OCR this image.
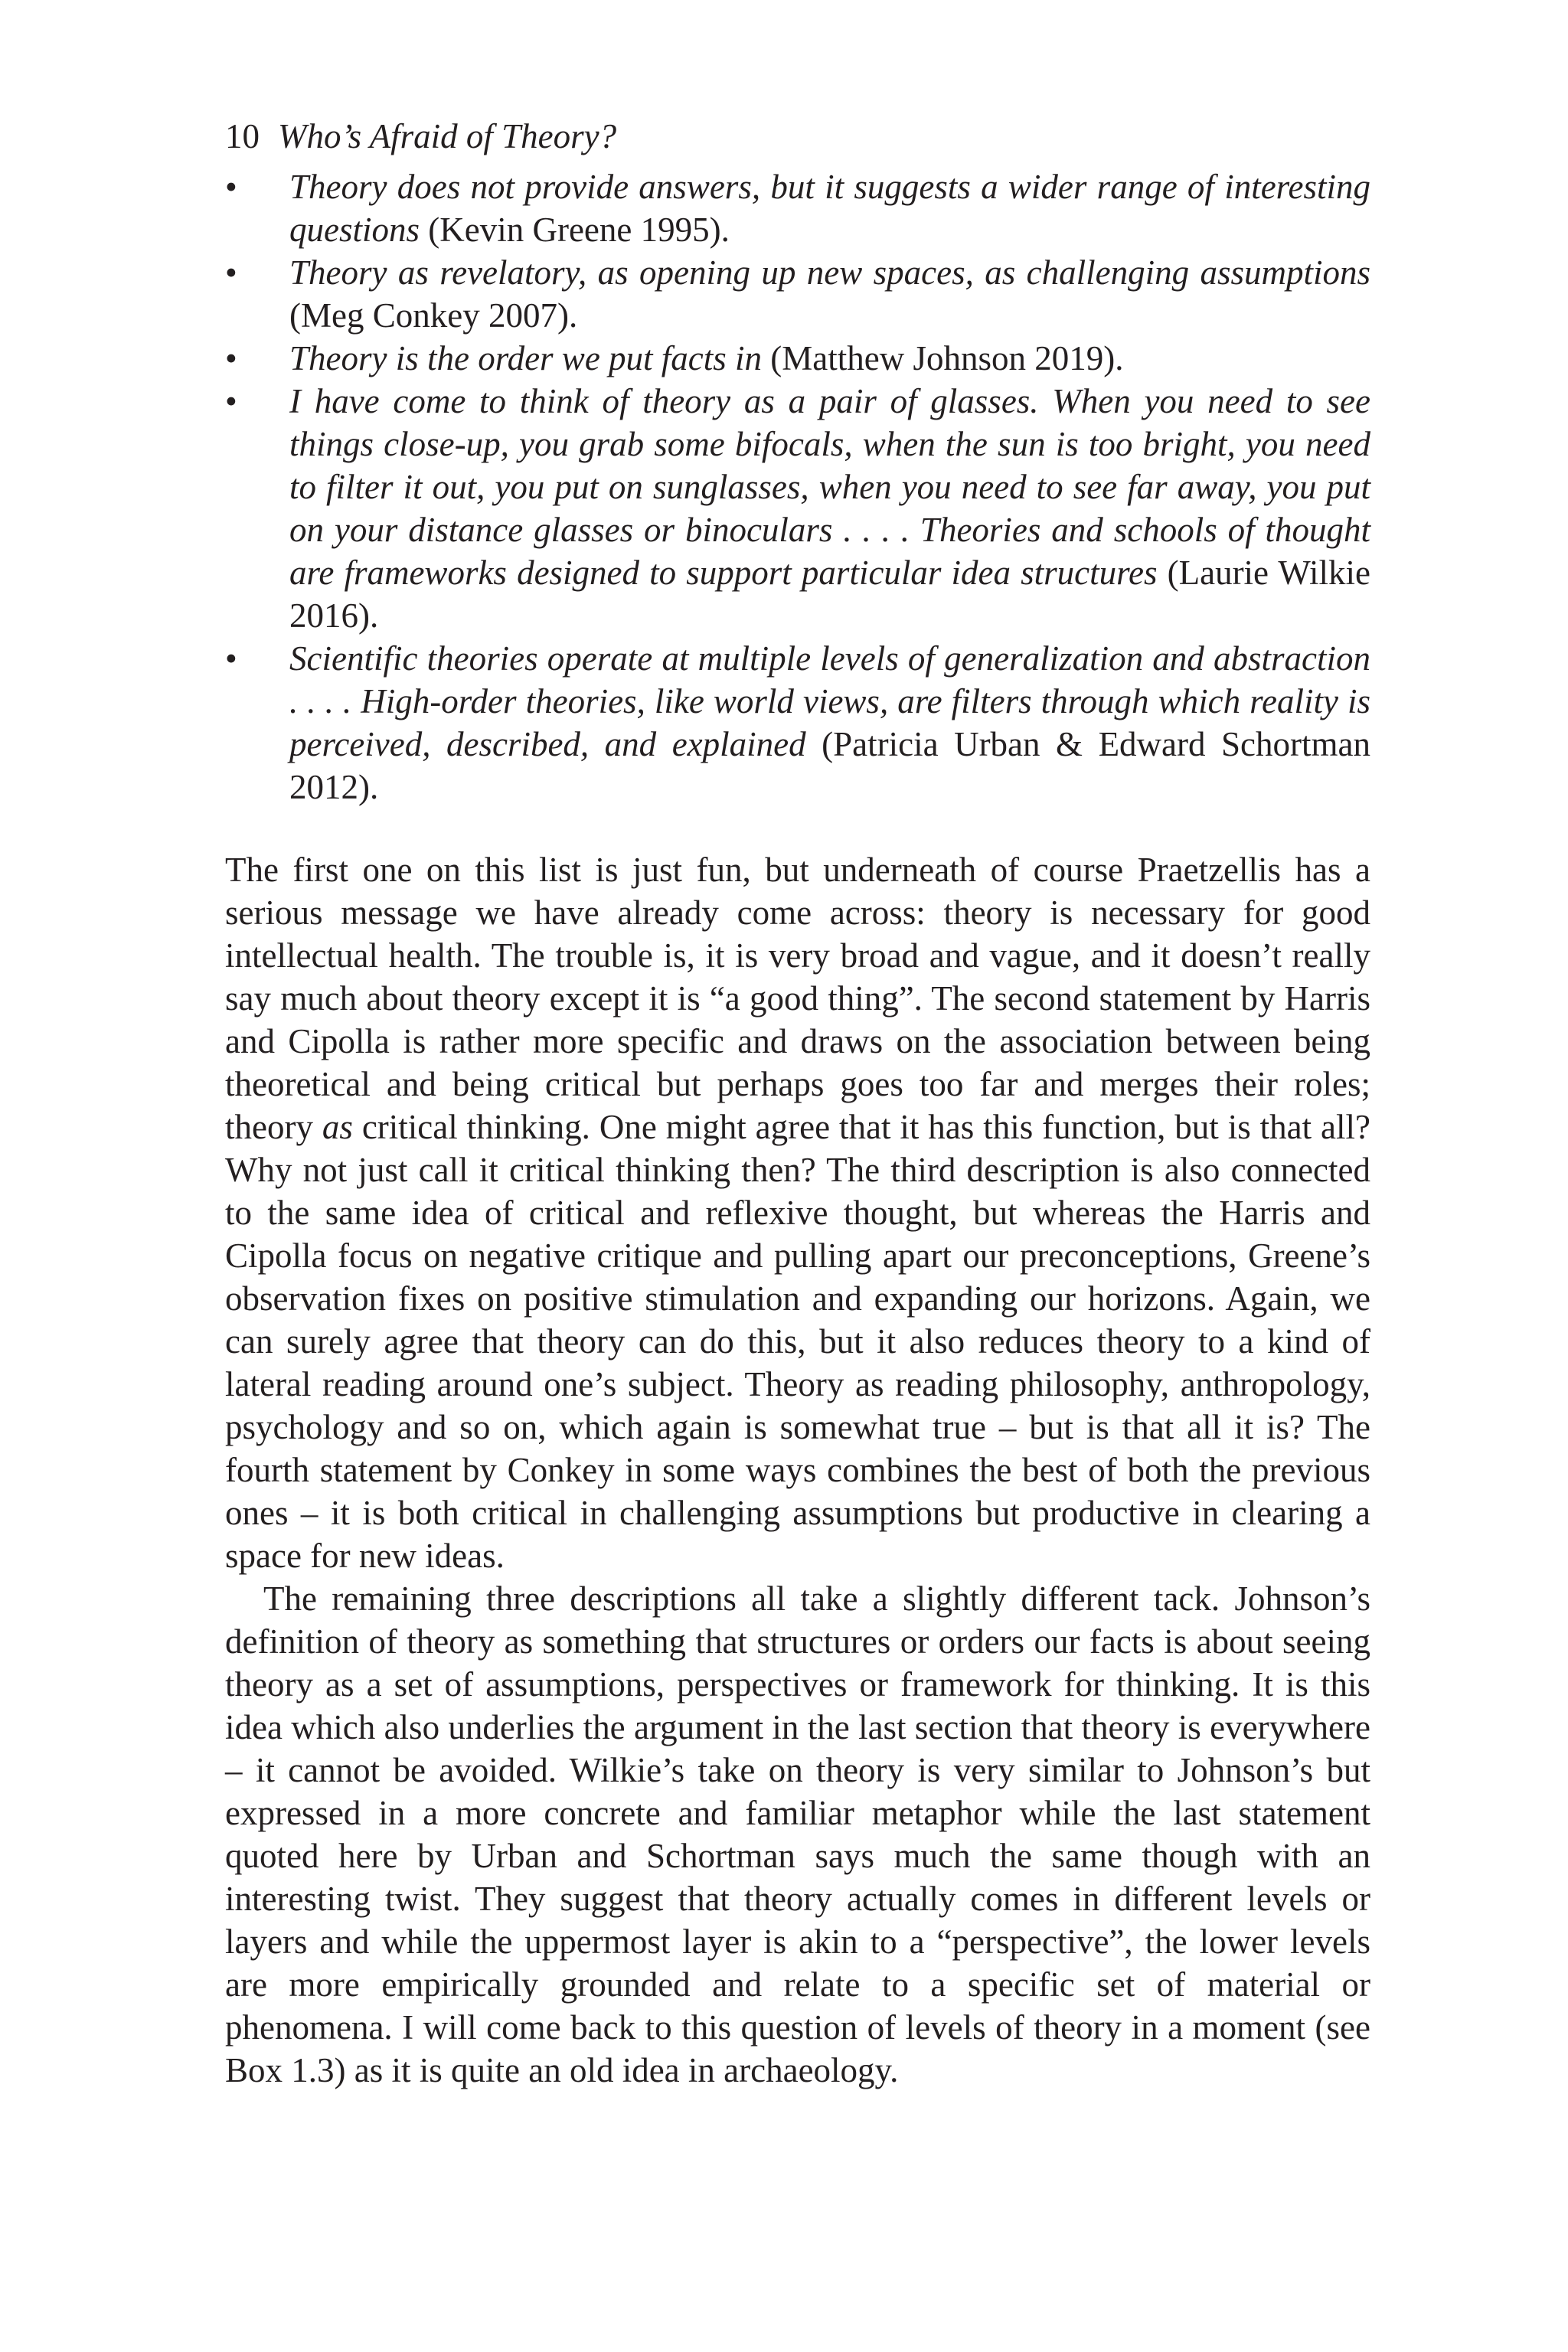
10 Who’s Afraid of Theory?
• Theory does not provide answers, but it suggests a wider range of interesting questions (Kevin Greene 1995).
• Theory as revelatory, as opening up new spaces, as challenging assumptions (Meg Conkey 2007).
• Theory is the order we put facts in (Matthew Johnson 2019).
• I have come to think of theory as a pair of glasses. When you need to see things close-up, you grab some bifocals, when the sun is too bright, you need to filter it out, you put on sunglasses, when you need to see far away, you put on your distance glasses or binoculars . . . . Theories and schools of thought are frameworks designed to support particular idea structures (Laurie Wilkie 2016).
• Scientific theories operate at multiple levels of generalization and abstraction . . . . High-order theories, like world views, are filters through which reality is perceived, described, and explained (Patricia Urban & Edward Schortman 2012).

The first one on this list is just fun, but underneath of course Praetzellis has a serious message we have already come across: theory is necessary for good intellectual health. The trouble is, it is very broad and vague, and it doesn’t really say much about theory except it is “a good thing”. The second statement by Harris and Cipolla is rather more specific and draws on the association between being theoretical and being critical but perhaps goes too far and merges their roles; theory as critical thinking. One might agree that it has this function, but is that all? Why not just call it critical thinking then? The third description is also connected to the same idea of critical and reflexive thought, but whereas the Harris and Cipolla focus on negative critique and pulling apart our preconceptions, Greene’s observation fixes on positive stimulation and expanding our horizons. Again, we can surely agree that theory can do this, but it also reduces theory to a kind of lateral reading around one’s subject. Theory as reading philosophy, anthropology, psychology and so on, which again is somewhat true – but is that all it is? The fourth statement by Conkey in some ways combines the best of both the previous ones – it is both critical in challenging assumptions but productive in clearing a space for new ideas.

The remaining three descriptions all take a slightly different tack. Johnson’s definition of theory as something that structures or orders our facts is about seeing theory as a set of assumptions, perspectives or framework for thinking. It is this idea which also underlies the argument in the last section that theory is everywhere – it cannot be avoided. Wilkie’s take on theory is very similar to Johnson’s but expressed in a more concrete and familiar metaphor while the last statement quoted here by Urban and Schortman says much the same though with an interesting twist. They suggest that theory actually comes in different levels or layers and while the uppermost layer is akin to a “perspective”, the lower levels are more empirically grounded and relate to a specific set of material or phenomena. I will come back to this question of levels of theory in a moment (see Box 1.3) as it is quite an old idea in archaeology.
